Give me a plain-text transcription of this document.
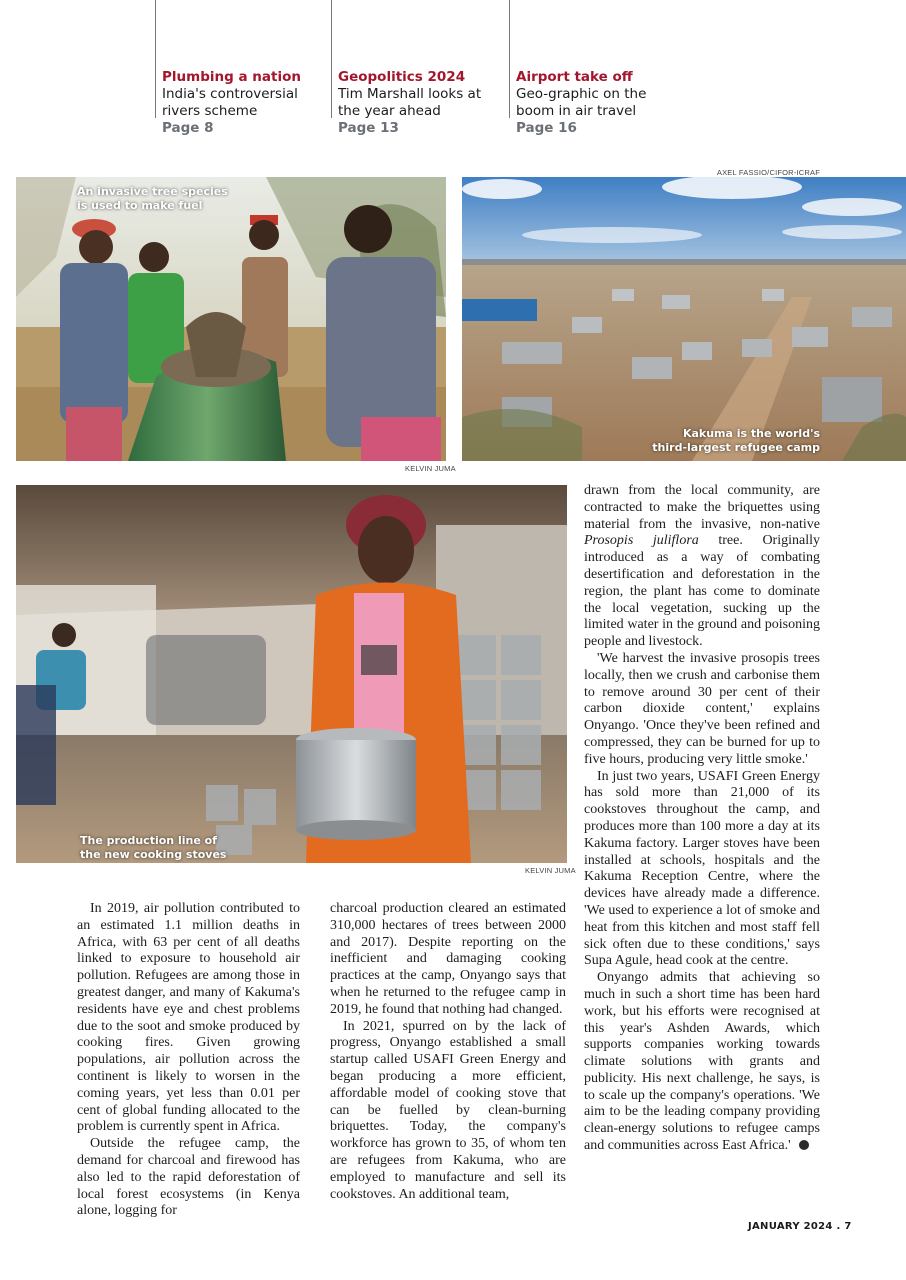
Plumbing a nation
India's controversial
rivers scheme
Page 8
Geopolitics 2024
Tim Marshall looks at
the year ahead
Page 13
Airport take off
Geo-graphic on the
boom in air travel
Page 16
AXEL FASSIO/CIFOR-ICRAF
An invasive tree species
is used to make fuel
Kakuma is the world's
third-largest refugee camp
KELVIN JUMA
The production line of
the new cooking stoves
KELVIN JUMA

In 2019, air pollution contributed to an estimated 1.1 million deaths in Africa, with 63 per cent of all deaths linked to exposure to household air pollution. Refugees are among those in greatest danger, and many of Kakuma's residents have eye and chest problems due to the soot and smoke produced by cooking fires. Given growing populations, air pollution across the continent is likely to worsen in the coming years, yet less than 0.01 per cent of global funding allocated to the problem is currently spent in Africa.

Outside the refugee camp, the demand for charcoal and firewood has also led to the rapid deforestation of local forest ecosystems (in Kenya alone, logging for

charcoal production cleared an estimated 310,000 hectares of trees between 2000 and 2017). Despite reporting on the inefficient and damaging cooking practices at the camp, Onyango says that when he returned to the refugee camp in 2019, he found that nothing had changed.

In 2021, spurred on by the lack of progress, Onyango established a small startup called USAFI Green Energy and began producing a more efficient, affordable model of cooking stove that can be fuelled by clean-burning briquettes. Today, the company's workforce has grown to 35, of whom ten are refugees from Kakuma, who are employed to manufacture and sell its cookstoves. An additional team,

drawn from the local community, are contracted to make the briquettes using material from the invasive, non-native Prosopis juliflora tree. Originally introduced as a way of combating desertification and deforestation in the region, the plant has come to dominate the local vegetation, sucking up the limited water in the ground and poisoning people and livestock.

'We harvest the invasive prosopis trees locally, then we crush and carbonise them to remove around 30 per cent of their carbon dioxide content,' explains Onyango. 'Once they've been refined and compressed, they can be burned for up to five hours, producing very little smoke.'

In just two years, USAFI Green Energy has sold more than 21,000 of its cookstoves throughout the camp, and produces more than 100 more a day at its Kakuma factory. Larger stoves have been installed at schools, hospitals and the Kakuma Reception Centre, where the devices have already made a difference. 'We used to experience a lot of smoke and heat from this kitchen and most staff fell sick often due to these conditions,' says Supa Agule, head cook at the centre.

Onyango admits that achieving so much in such a short time has been hard work, but his efforts were recognised at this year's Ashden Awards, which supports companies working towards climate solutions with grants and publicity. His next challenge, he says, is to scale up the company's operations. 'We aim to be the leading company providing clean-energy solutions to refugee camps and communities across East Africa.'

JANUARY 2024 . 7
